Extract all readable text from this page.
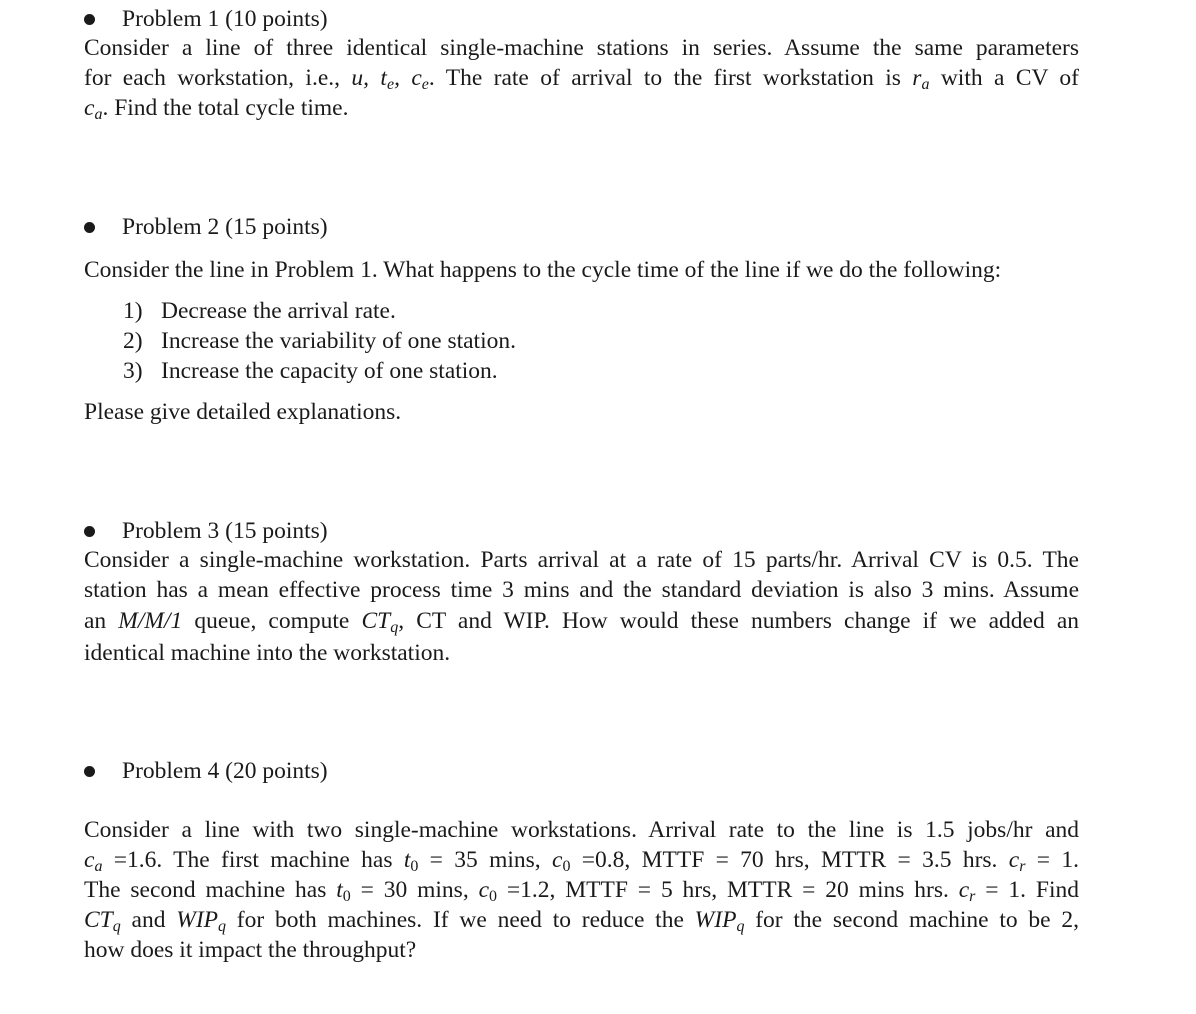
Problem 1 (10 points)
Consider a line of three identical single-machine stations in series. Assume the same parameters
for each workstation, i.e., u, $t_e$, $c_e$. The rate of arrival to the first workstation is $r_a$ with a CV of
$c_a$. Find the total cycle time.
Problem 2 (15 points)
Consider the line in Problem 1. What happens to the cycle time of the line if we do the following:
1) Decrease the arrival rate.
2) Increase the variability of one station.
3) Increase the capacity of one station.
Please give detailed explanations.
Problem 3 (15 points)
Consider a single-machine workstation. Parts arrival at a rate of 15 parts/hr. Arrival CV is 0.5. The
station has a mean effective process time 3 mins and the standard deviation is also 3 mins. Assume
an M/M/1 queue, compute $CT_q$, CT and WIP. How would these numbers change if we added an
identical machine into the workstation.
Problem 4 (20 points)
Consider a line with two single-machine workstations. Arrival rate to the line is 1.5 jobs/hr and
$c_a =1.6$. The first machine has $t_0 = 35$ mins, $c_0 =0.8$, MTTF = 70 hrs, MTTR = 3.5 hrs. $c_r = 1$.
The second machine has $t_0 = 30$ mins, $c_0 =1.2$, MTTF = 5 hrs, MTTR = 20 mins hrs. $c_r = 1$. Find
$CT_q$ and $WIP_q$ for both machines. If we need to reduce the $WIP_q$ for the second machine to be 2,
how does it impact the throughput?
